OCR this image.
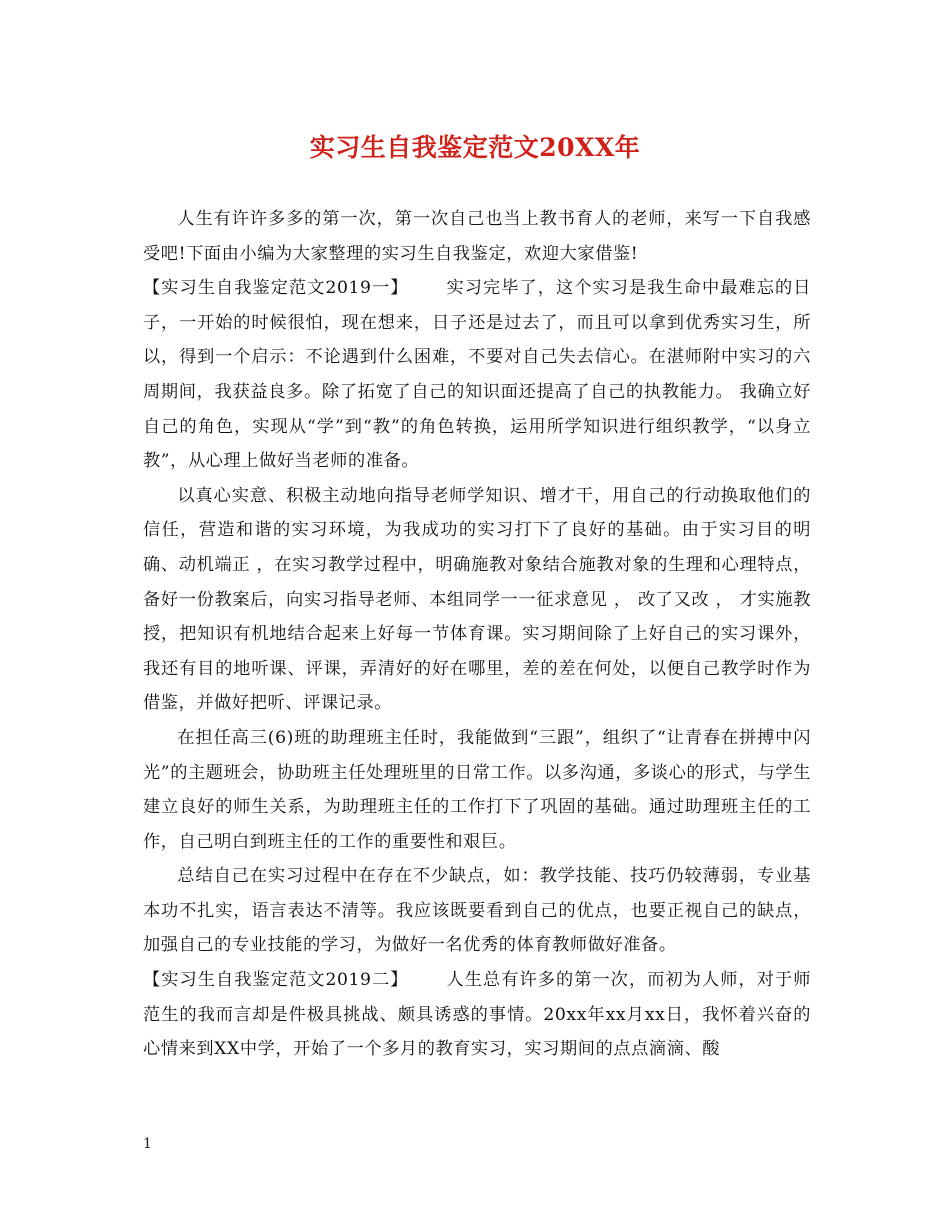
实习生自我鉴定范文20XX年

人生有许许多多的第一次，第一次自己也当上教书育人的老师，来写一下自我感受吧!下面由小编为大家整理的实习生自我鉴定，欢迎大家借鉴!

【实习生自我鉴定范文2019一】 实习完毕了，这个实习是我生命中最难忘的日子，一开始的时候很怕，现在想来，日子还是过去了，而且可以拿到优秀实习生，所以，得到一个启示：不论遇到什么困难，不要对自己失去信心。在湛师附中实习的六周期间，我获益良多。除了拓宽了自己的知识面还提高了自己的执教能力。 我确立好自己的角色，实现从“学”到“教”的角色转换，运用所学知识进行组织教学，“以身立教”，从心理上做好当老师的准备。

以真心实意、积极主动地向指导老师学知识、增才干，用自己的行动换取他们的信任，营造和谐的实习环境，为我成功的实习打下了良好的基础。由于实习目的明确、动机端正 ，在实习教学过程中，明确施教对象结合施教对象的生理和心理特点，备好一份教案后，向实习指导老师、本组同学一一征求意见 ， 改了又改 ， 才实施教授，把知识有机地结合起来上好每一节体育课。实习期间除了上好自己的实习课外，我还有目的地听课、评课，弄清好的好在哪里，差的差在何处，以便自己教学时作为借鉴，并做好把听、评课记录。

在担任高三(6)班的助理班主任时，我能做到“三跟”，组织了“让青春在拼搏中闪光”的主题班会，协助班主任处理班里的日常工作。以多沟通，多谈心的形式，与学生建立良好的师生关系，为助理班主任的工作打下了巩固的基础。通过助理班主任的工作，自己明白到班主任的工作的重要性和艰巨。

总结自己在实习过程中在存在不少缺点，如：教学技能、技巧仍较薄弱，专业基本功不扎实，语言表达不清等。我应该既要看到自己的优点，也要正视自己的缺点，加强自己的专业技能的学习，为做好一名优秀的体育教师做好准备。

【实习生自我鉴定范文2019二】 人生总有许多的第一次，而初为人师，对于师范生的我而言却是件极具挑战、颇具诱惑的事情。20xx年xx月xx日，我怀着兴奋的心情来到XX中学，开始了一个多月的教育实习，实习期间的点点滴滴、酸

1
